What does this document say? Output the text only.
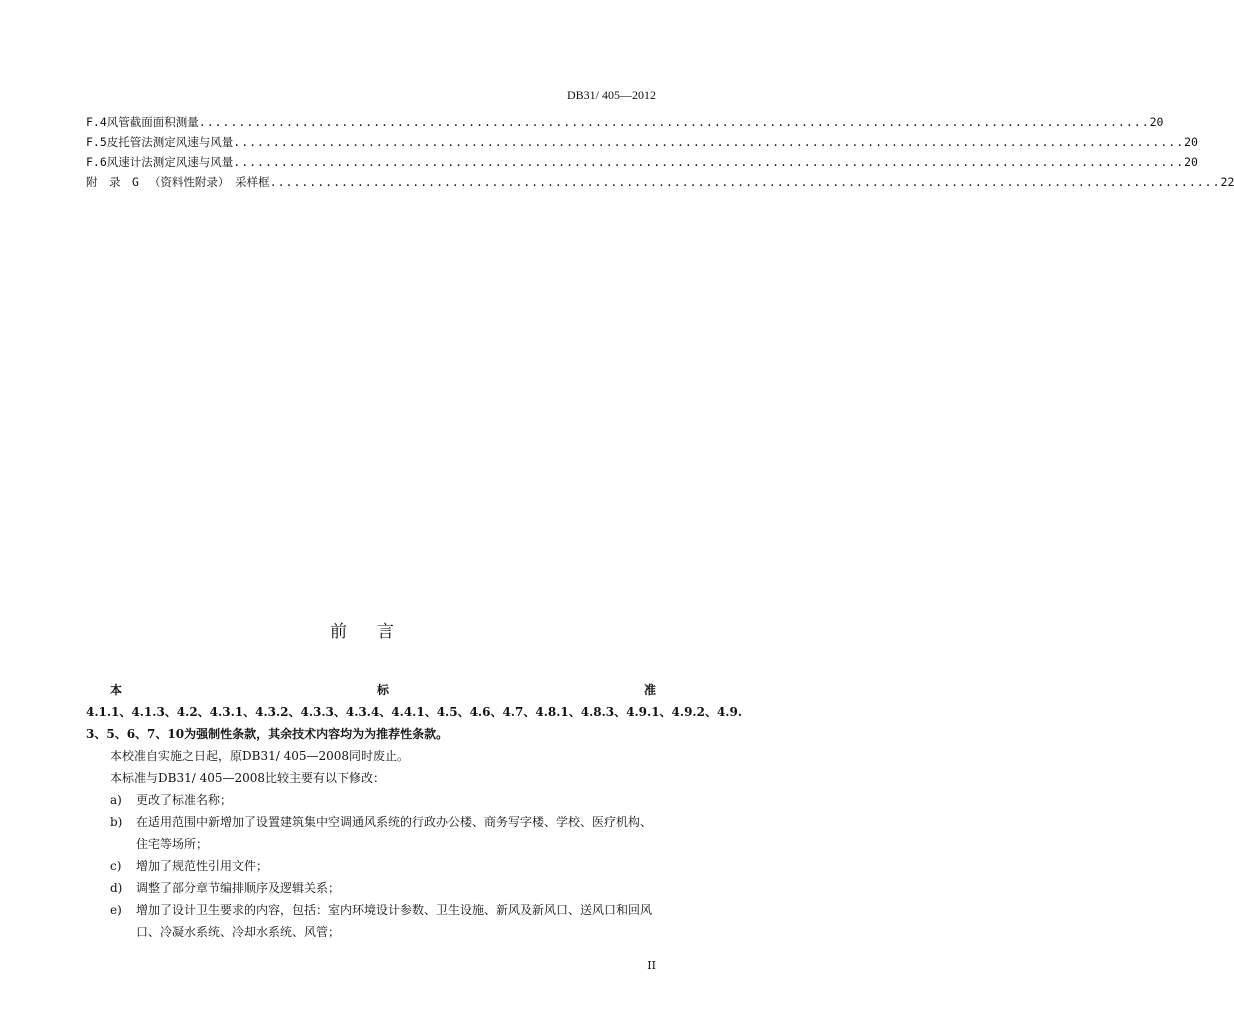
DB31/ 405—2012
F.4 风管截面面积测量 .....	20
F.5 皮托管法测定风速与风量 .....	20
F.6 风速计法测定风速与风量 .....	20
附　录　G （资料性附录）　采样框 .....	22
前言
本	标	准
4.1.1、4.1.3、4.2、4.3.1、4.3.2、4.3.3、4.3.4、4.4.1、4.5、4.6、4.7、4.8.1、4.8.3、4.9.1、4.9.2、4.9.
3、5、6、7、10为强制性条款，其余技术内容均为为推荐性条款。
本校准自实施之日起，原DB31/ 405—2008同时废止。
本标准与DB31/ 405—2008比较主要有以下修改：
a)	更改了标准名称；
b)	在适用范围中新增加了设置建筑集中空调通风系统的行政办公楼、商务写字楼、学校、医疗机构、住宅等场所；
c)	增加了规范性引用文件；
d)	调整了部分章节编排顺序及逻辑关系；
e)	增加了设计卫生要求的内容，包括：室内环境设计参数、卫生设施、新风及新风口、送风口和回风口、冷凝水系统、冷却水系统、风管；
II
